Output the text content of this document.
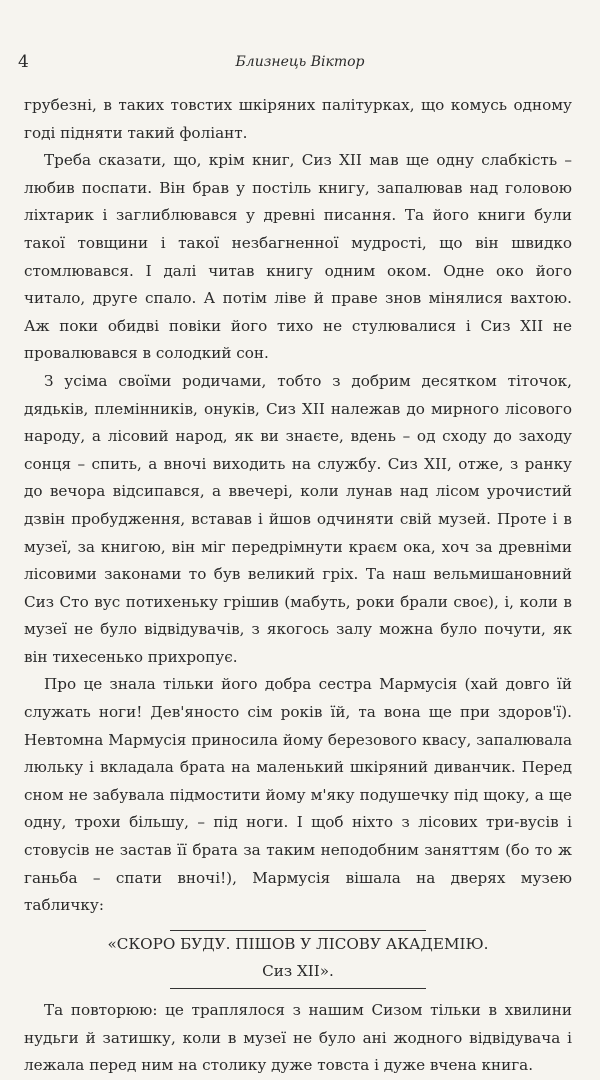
4	Близнець Віктор

грубезні, в таких товстих шкіряних палітурках, що комусь одному годі підняти такий фоліант.

Треба сказати, що, крім книг, Сиз XII мав ще одну слабкість – любив поспати. Він брав у постіль книгу, запалював над головою ліхтарик і заглиблювався у древні писання. Та його книги були такої товщини і такої незбагненної мудрості, що він швидко стомлювався. І далі читав книгу одним оком. Одне око його читало, друге спало. А потім ліве й праве знов мінялися вахтою. Аж поки обидві повіки його тихо не стулювалися і Сиз XII не провалювався в солодкий сон.

З усіма своїми родичами, тобто з добрим десятком тіточок, дядьків, племінників, онуків, Сиз XII належав до мирного лісового народу, а лісовий народ, як ви знаєте, вдень – од сходу до заходу сонця – спить, а вночі виходить на службу. Сиз XII, отже, з ранку до вечора відсипався, а ввечері, коли лунав над лісом урочистий дзвін пробудження, вставав і йшов одчиняти свій музей. Проте і в музеї, за книгою, він міг передрімнути краєм ока, хоч за древніми лісовими законами то був великий гріх. Та наш вельмишановний Сиз Сто вус потихеньку грішив (мабуть, роки брали своє), і, коли в музеї не було відвідувачів, з якогось залу можна було почути, як він тихесенько прихропує.

Про це знала тільки його добра сестра Мармусія (хай довго їй служать ноги! Дев'яносто сім років їй, та вона ще при здоров'ї). Невтомна Мармусія приносила йому березового квасу, запалювала люльку і вкладала брата на маленький шкіряний диванчик. Перед сном не забувала підмостити йому м'яку подушечку під щоку, а ще одну, трохи більшу, – під ноги. І щоб ніхто з лісових три-вусів і стовусів не застав її брата за таким неподобним заняттям (бо то ж ганьба – спати вночі!), Мармусія вішала на дверях музею табличку:

«СКОРО БУДУ. ПІШОВ У ЛІСОВУ АКАДЕМІЮ.
Сиз XII».

Та повторюю: це траплялося з нашим Сизом тільки в хвилини нудьги й затишку, коли в музеї не було ані жодного відвідувача і лежала перед ним на столику дуже товста і дуже вчена книга.
